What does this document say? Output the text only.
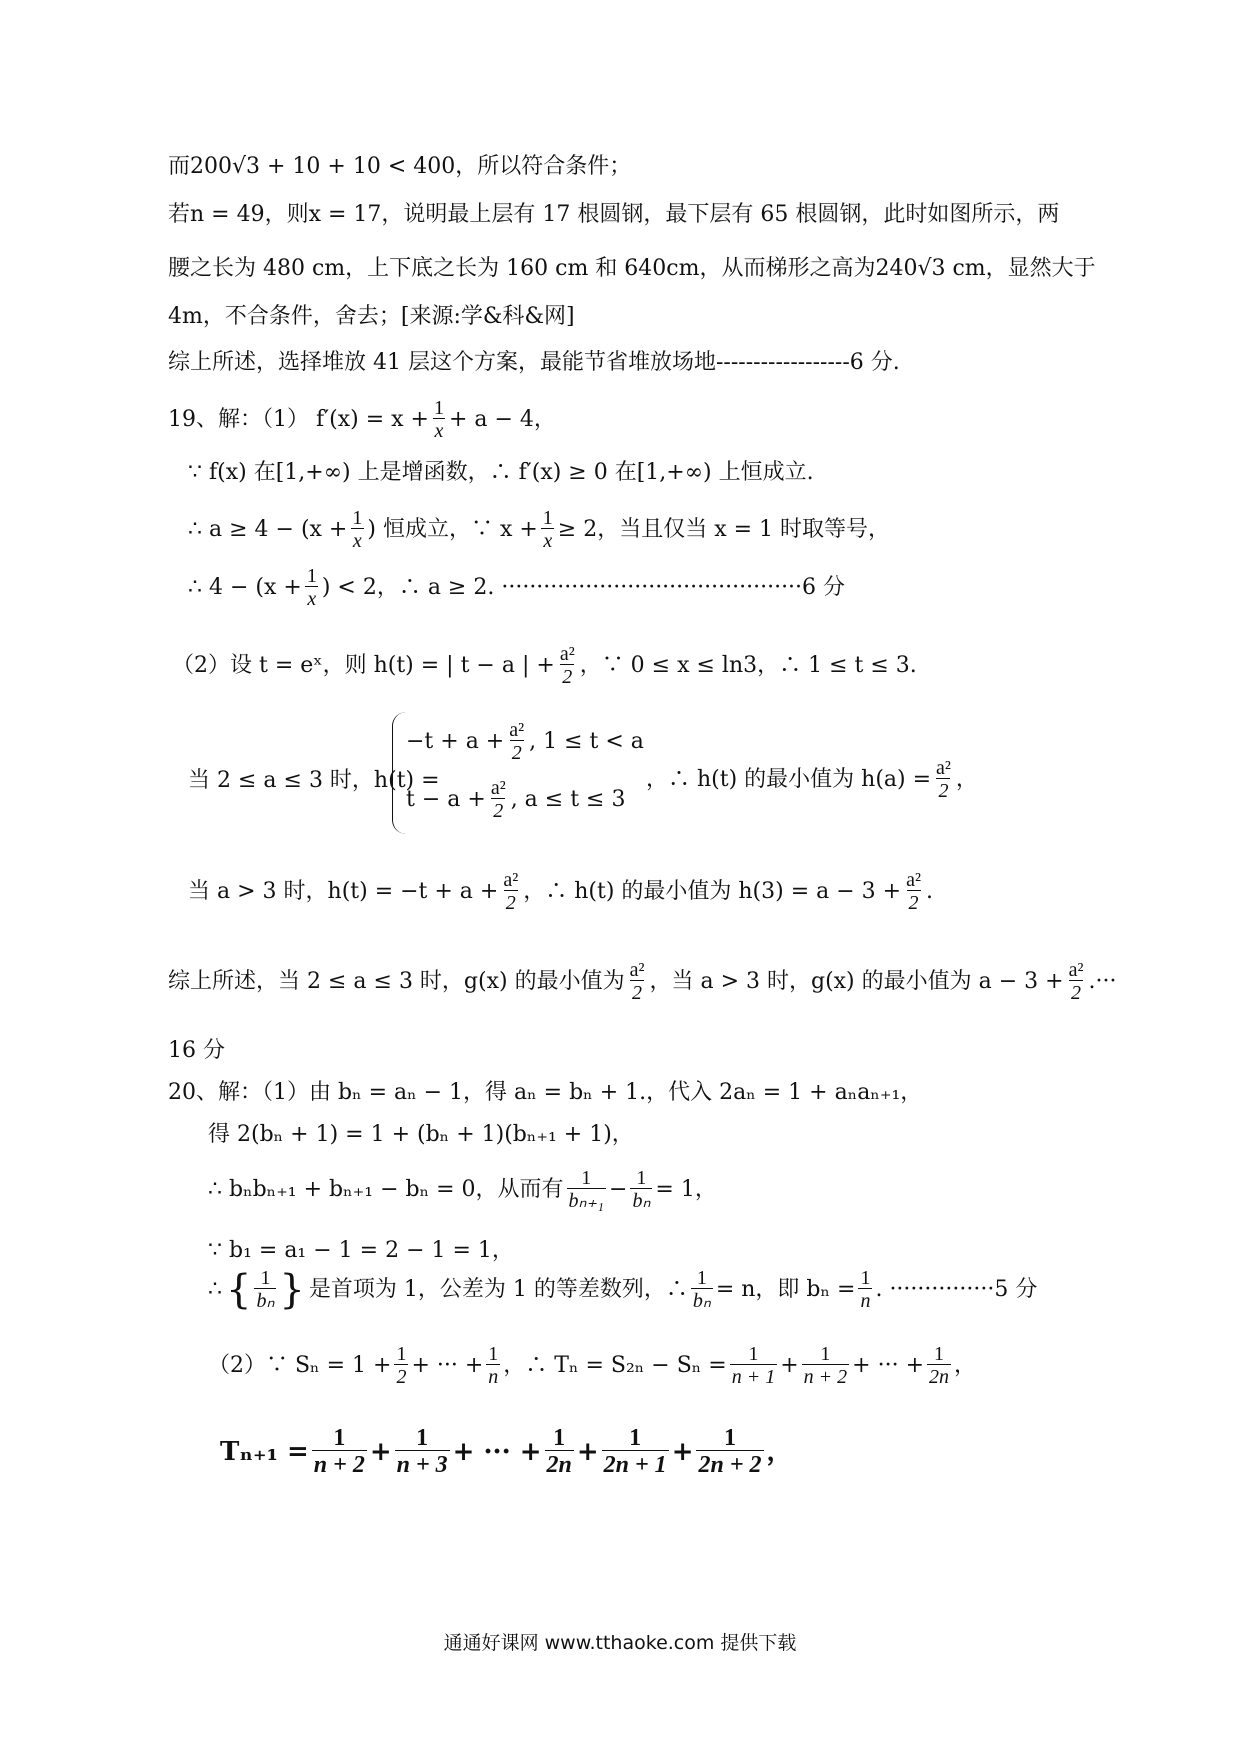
而200√3 + 10 + 10 < 400，所以符合条件；
若n = 49，则x = 17，说明最上层有 17 根圆钢，最下层有 65 根圆钢，此时如图所示，两
腰之长为 480 cm，上下底之长为 160 cm 和 640cm，从而梯形之高为240√3 cm，显然大于
4m，不合条件，舍去；[来源:学&科&网]
综上所述，选择堆放 41 层这个方案，最能节省堆放场地------------------6 分.
19、解：（1） $f'(x) = x + \frac{1}{x} + a - 4$，
∵ f(x) 在[1,+∞) 上是增函数，∴ f′(x) ≥ 0 在[1,+∞) 上恒成立.
∴ $a \ge 4 - (x + \frac{1}{x}$ ) 恒成立，∵ $x + \frac{1}{x} \ge 2$，当且仅当 x = 1 时取等号，
∴ $4 - (x + \frac{1}{x}$ ) < 2，∴ a ≥ 2. ···········································6 分
（2）设 t = eˣ，则 h(t) = | t − a | + $\frac{\text{a²}}{2}$ ，∵ 0 ≤ x ≤ ln3，∴ 1 ≤ t ≤ 3.
当 2 ≤ a ≤ 3 时，h(t) =
$-t + a + \frac{\text{a²}}{2}$ , 1 ≤ t < a
$t - a + \frac{\text{a²}}{2}$ , a ≤ t ≤ 3
，∴ h(t) 的最小值为 $h(a) = \frac{\text{a²}}{2}$ ，
当 a > 3 时，$h(t) = -t + a + \frac{\text{a²}}{2}$ ，∴ h(t) 的最小值为 $h(3) = a - 3 + \frac{\text{a²}}{2}$ .
综上所述，当 2 ≤ a ≤ 3 时，g(x) 的最小值为 $\frac{\text{a²}}{2}$ ，当 a > 3 时，g(x) 的最小值为 $a - 3 + \frac{\text{a²}}{2}$ .···
16 分
20、解：（1）由 bₙ = aₙ − 1，得 aₙ = bₙ + 1.，代入 2aₙ = 1 + aₙaₙ₊₁，
得 2(bₙ + 1) = 1 + (bₙ + 1)(bₙ₊₁ + 1)，
∴ bₙbₙ₊₁ + bₙ₊₁ − bₙ = 0，从而有 $\frac{1}{\text{bₙ₊₁}} - \frac{1}{\text{bₙ}} = 1$，
∵ b₁ = a₁ − 1 = 2 − 1 = 1，
∴ { $\frac{1}{\text{bₙ}}$ } 是首项为 1，公差为 1 的等差数列，∴ $\frac{1}{\text{bₙ}} = n$，即 $b_n = \frac{1}{n}$ . ···············5 分
（2）∵ $S_n = 1 + \frac{1}{2}$ + ··· + $\frac{1}{n}$ ，∴ $T_n = S_{2n} - S_n = \frac{1}{n + 1} + \frac{1}{n + 2}$ + ··· + $\frac{1}{2n}$ ，
$T_{n+1} = \frac{1}{n + 2} + \frac{1}{n + 3}$ + ··· + $\frac{1}{2n} + \frac{1}{2n + 1} + \frac{1}{2n + 2}$ ，
通通好课网 www.tthaoke.com 提供下载
